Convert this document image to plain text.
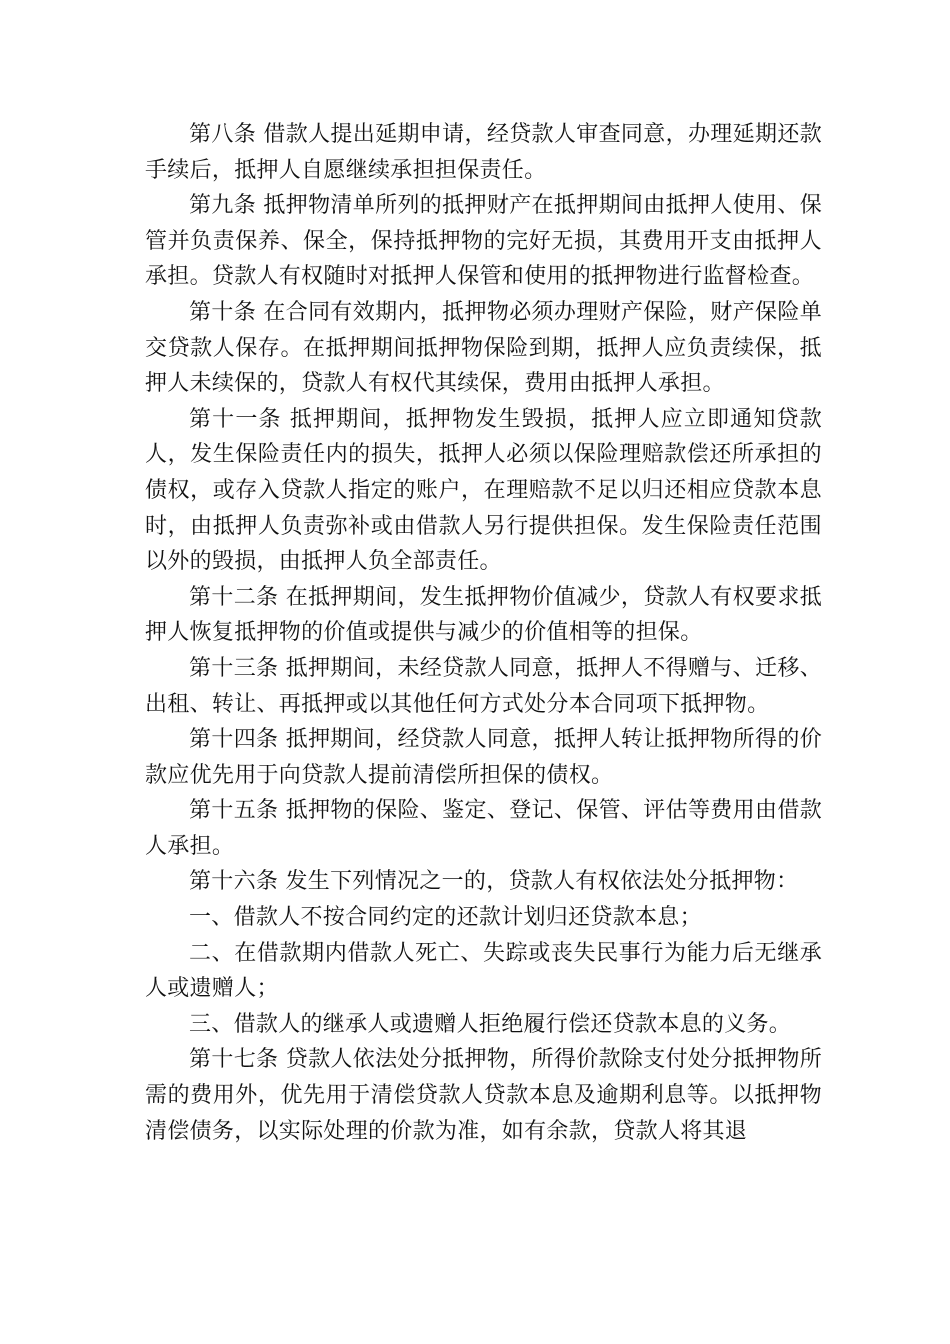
第八条 借款人提出延期申请，经贷款人审查同意，办理延期还款手续后，抵押人自愿继续承担担保责任。

第九条 抵押物清单所列的抵押财产在抵押期间由抵押人使用、保管并负责保养、保全，保持抵押物的完好无损，其费用开支由抵押人承担。贷款人有权随时对抵押人保管和使用的抵押物进行监督检查。

第十条 在合同有效期内，抵押物必须办理财产保险，财产保险单交贷款人保存。在抵押期间抵押物保险到期，抵押人应负责续保，抵押人未续保的，贷款人有权代其续保，费用由抵押人承担。

第十一条 抵押期间，抵押物发生毁损，抵押人应立即通知贷款人，发生保险责任内的损失，抵押人必须以保险理赔款偿还所承担的债权，或存入贷款人指定的账户，在理赔款不足以归还相应贷款本息时，由抵押人负责弥补或由借款人另行提供担保。发生保险责任范围以外的毁损，由抵押人负全部责任。

第十二条 在抵押期间，发生抵押物价值减少，贷款人有权要求抵押人恢复抵押物的价值或提供与减少的价值相等的担保。

第十三条 抵押期间，未经贷款人同意，抵押人不得赠与、迁移、出租、转让、再抵押或以其他任何方式处分本合同项下抵押物。

第十四条 抵押期间，经贷款人同意，抵押人转让抵押物所得的价款应优先用于向贷款人提前清偿所担保的债权。

第十五条 抵押物的保险、鉴定、登记、保管、评估等费用由借款人承担。

第十六条 发生下列情况之一的，贷款人有权依法处分抵押物：

一、借款人不按合同约定的还款计划归还贷款本息；

二、在借款期内借款人死亡、失踪或丧失民事行为能力后无继承人或遗赠人；

三、借款人的继承人或遗赠人拒绝履行偿还贷款本息的义务。

第十七条 贷款人依法处分抵押物，所得价款除支付处分抵押物所需的费用外，优先用于清偿贷款人贷款本息及逾期利息等。以抵押物清偿债务，以实际处理的价款为准，如有余款，贷款人将其退
